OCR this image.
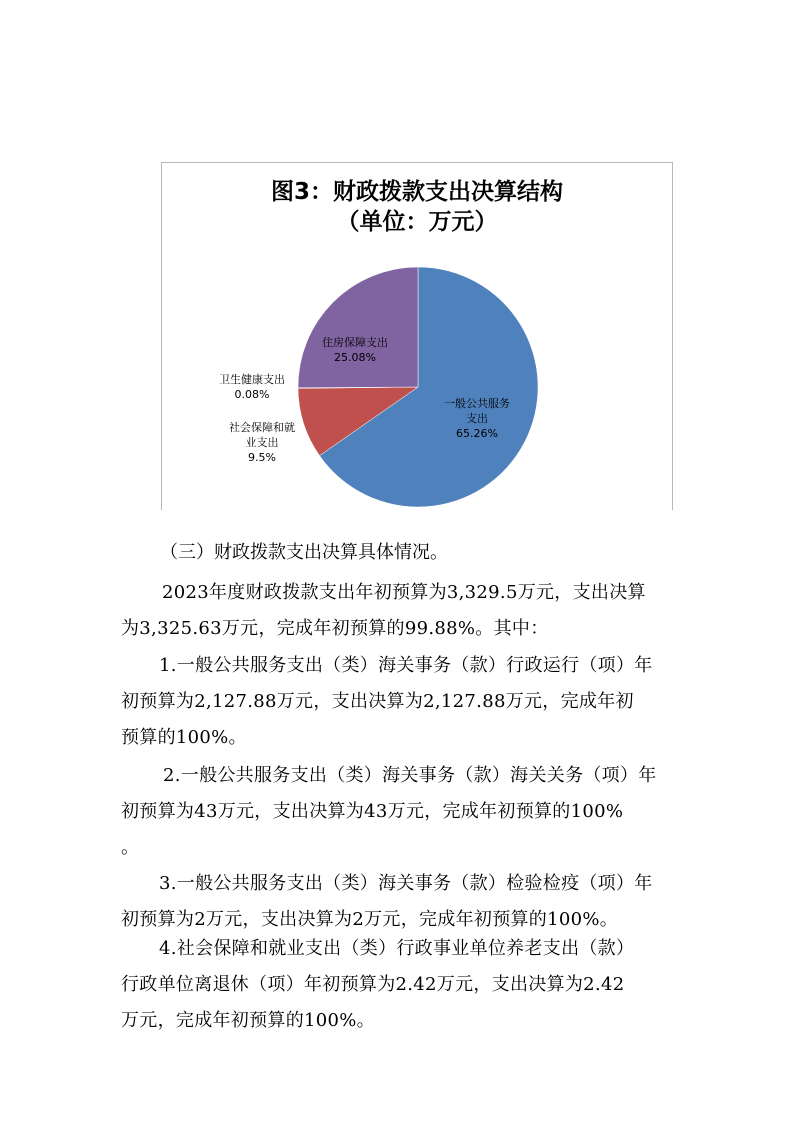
图3：财政拨款支出决算结构
（单位：万元）
一般公共服务支出 65.26%
社会保障和就业支出 9.5%
卫生健康支出 0.08%
住房保障支出 25.08%
（三）财政拨款支出决算具体情况。
2023年度财政拨款支出年初预算为3,329.5万元，支出决算
为3,325.63万元，完成年初预算的99.88%。其中：
1.一般公共服务支出（类）海关事务（款）行政运行（项）年
初预算为2,127.88万元，支出决算为2,127.88万元，完成年初
预算的100%。
2.一般公共服务支出（类）海关事务（款）海关关务（项）年
初预算为43万元，支出决算为43万元，完成年初预算的100%
。
3.一般公共服务支出（类）海关事务（款）检验检疫（项）年
初预算为2万元，支出决算为2万元，完成年初预算的100%。
4.社会保障和就业支出（类）行政事业单位养老支出（款）
行政单位离退休（项）年初预算为2.42万元，支出决算为2.42
万元，完成年初预算的100%。
